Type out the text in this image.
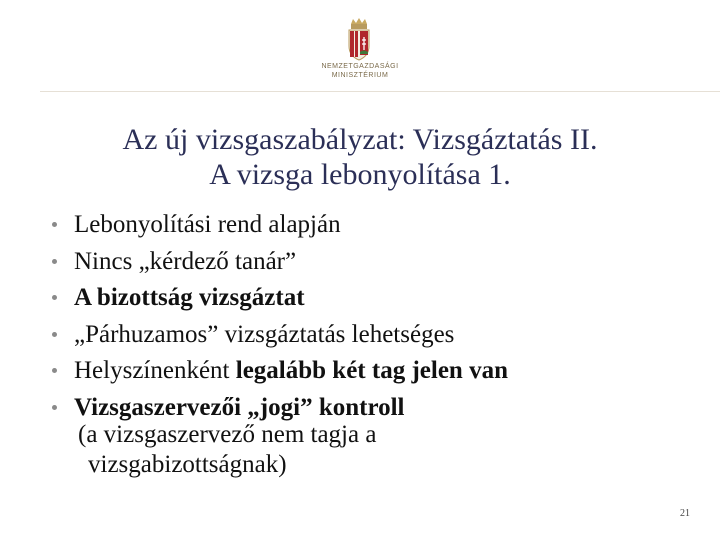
NEMZETGAZDASÁGI
MINISZTÉRIUM
Az új vizsgaszabályzat: Vizsgáztatás II.
A vizsga lebonyolítása 1.
Lebonyolítási rend alapján
Nincs „kérdező tanár”
A bizottság vizsgáztat
„Párhuzamos” vizsgáztatás lehetséges
Helyszínenként legalább két tag jelen van
Vizsgaszervezői „jogi” kontroll
(a vizsgaszervező nem tagja a
vizsgabizottságnak)
21
